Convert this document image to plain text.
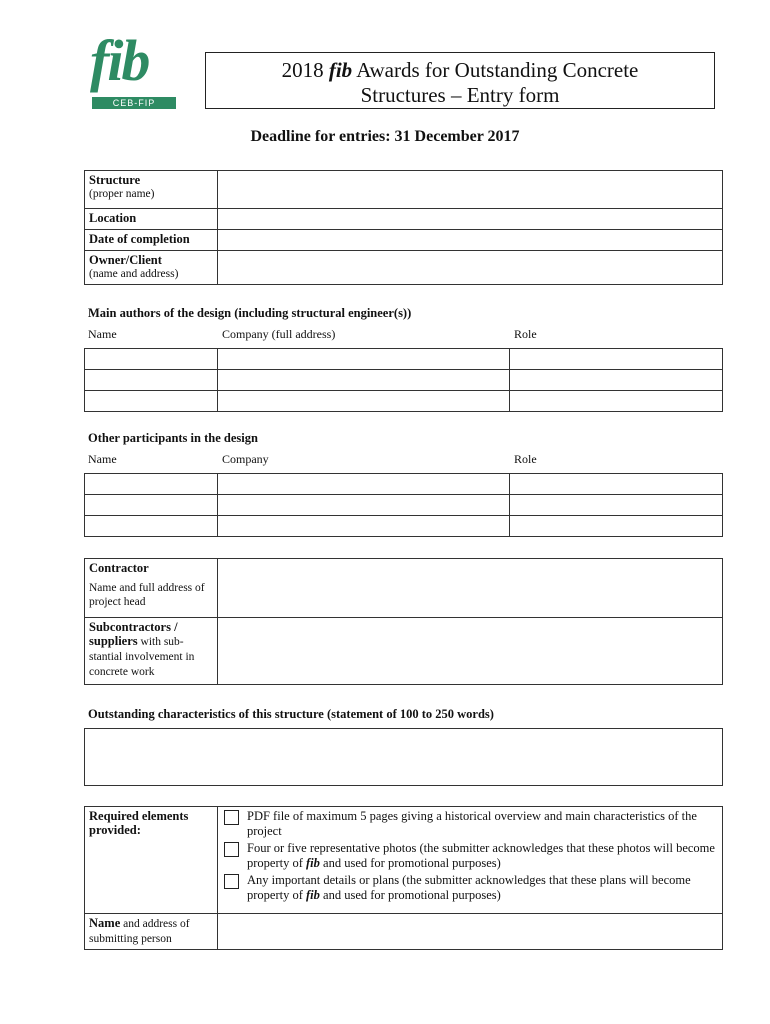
fib
CEB-FIP
2018 fib Awards for Outstanding Concrete
Structures – Entry form
Deadline for entries: 31 December 2017
Structure
(proper name)	

Location	
Date of completion	

Owner/Client
(name and address)	

Main authors of the design (including structural engineer(s))
Name	Company (full address)	Role

Other participants in the design
Name	Company	Role

Contractor
Name and full address of project head	

Subcontractors / suppliers with sub- stantial involvement in concrete work	
Outstanding characteristics of this structure (statement of 100 to 250 words)
Required elements provided:	PDF file of maximum 5 pages giving a historical overview and main characteristics of the project
Four or five representative photos (the submitter acknowledges that these photos will become property of fib and used for promotional purposes)
Any important details or plans (the submitter acknowledges that these plans will become property of fib and used for promotional purposes)

Name and address of submitting person	
